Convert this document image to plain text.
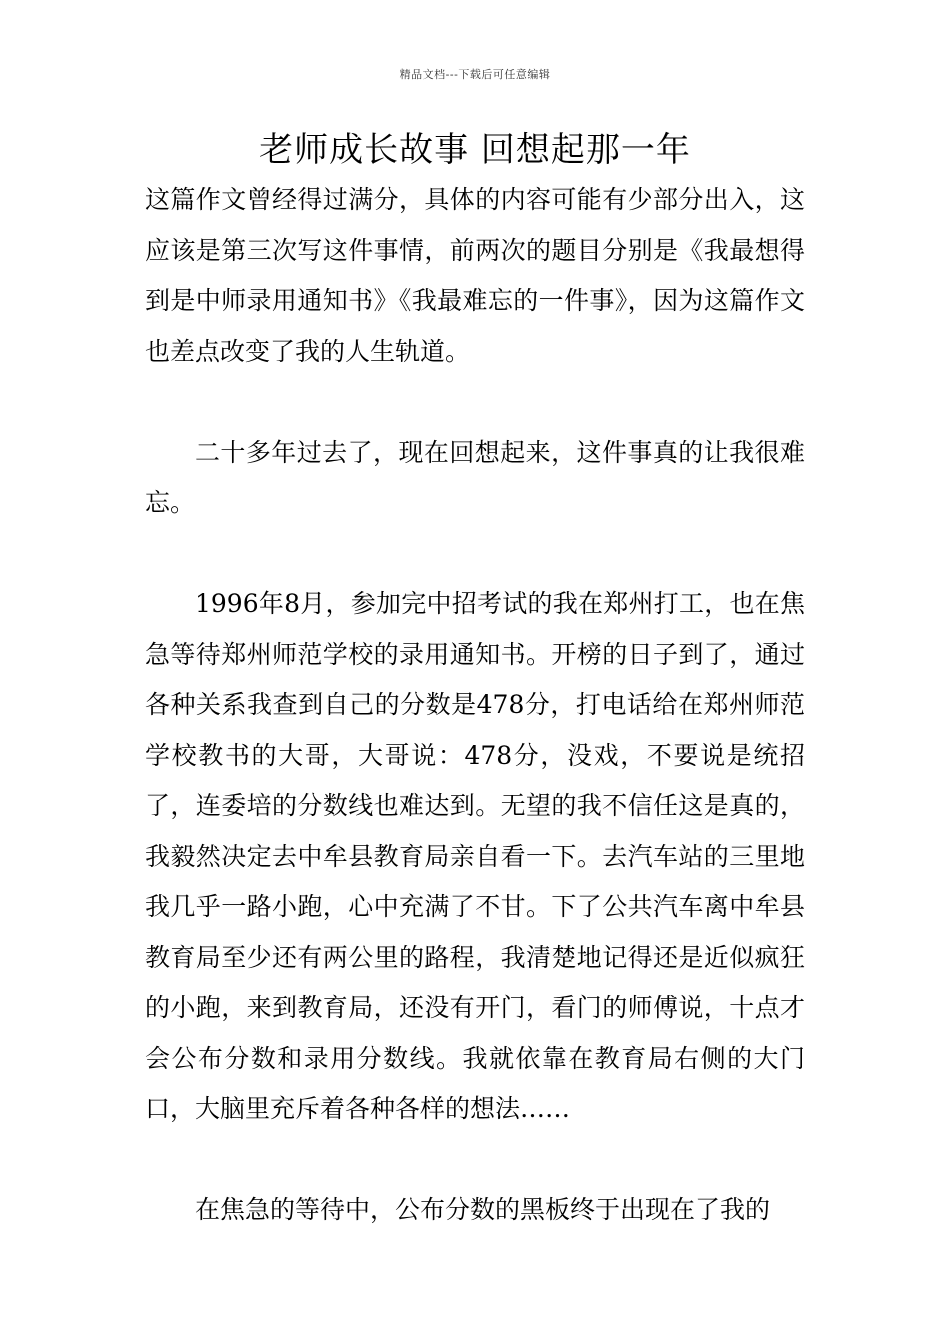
精品文档---下载后可任意编辑
老师成长故事 回想起那一年

这篇作文曾经得过满分，具体的内容可能有少部分出入，这应该是第三次写这件事情，前两次的题目分别是《我最想得到是中师录用通知书》《我最难忘的一件事》，因为这篇作文也差点改变了我的人生轨道。

二十多年过去了，现在回想起来，这件事真的让我很难忘。

1996年8月，参加完中招考试的我在郑州打工，也在焦急等待郑州师范学校的录用通知书。开榜的日子到了，通过各种关系我查到自己的分数是478分，打电话给在郑州师范学校教书的大哥，大哥说：478分，没戏，不要说是统招了，连委培的分数线也难达到。无望的我不信任这是真的，我毅然决定去中牟县教育局亲自看一下。去汽车站的三里地我几乎一路小跑，心中充满了不甘。下了公共汽车离中牟县教育局至少还有两公里的路程，我清楚地记得还是近似疯狂的小跑，来到教育局，还没有开门，看门的师傅说，十点才会公布分数和录用分数线。我就依靠在教育局右侧的大门口，大脑里充斥着各种各样的想法……

在焦急的等待中，公布分数的黑板终于出现在了我的
